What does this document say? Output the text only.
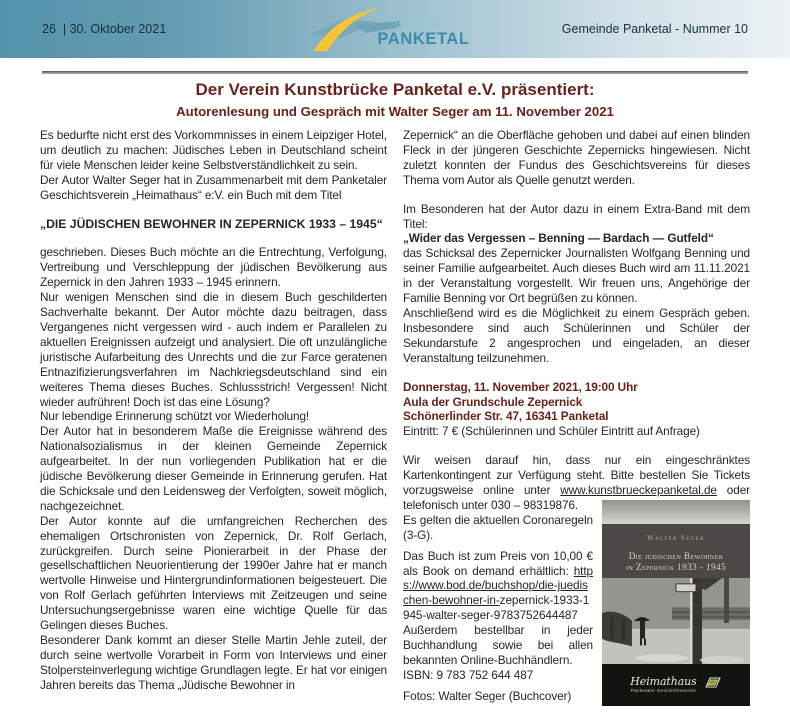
26  | 30. Oktober 2021	Gemeinde
PANKETAL
Gemeinde Panketal - Nummer 10
Der Verein Kunstbrücke Panketal e.V. präsentiert:
Autorenlesung und Gespräch mit Walter Seger am 11. November 2021

Es bedurfte nicht erst des Vorkommnisses in einem Leipziger Hotel, um deutlich zu machen: Jüdisches Leben in Deutschland scheint für viele Menschen leider keine Selbstverständlichkeit zu sein.

Der Autor Walter Seger hat in Zusammenarbeit mit dem Panketaler Geschichtsverein „Heimathaus“ e:V. ein Buch mit dem Titel

„DIE JÜDISCHEN BEWOHNER IN ZEPERNICK 1933 – 1945“

geschrieben. Dieses Buch möchte an die Entrechtung, Verfolgung, Vertreibung und Verschleppung der jüdischen Bevölkerung aus Zepernick in den Jahren 1933 – 1945 erinnern.

Nur wenigen Menschen sind die in diesem Buch geschilderten Sachverhalte bekannt. Der Autor möchte dazu beitragen, dass Vergangenes nicht vergessen wird - auch indem er Parallelen zu aktuellen Ereignissen aufzeigt und analysiert. Die oft unzulängliche juristische Aufarbeitung des Unrechts und die zur Farce geratenen Entnazifizierungsverfahren im Nachkriegsdeutschland sind ein weiteres Thema dieses Buches. Schlussstrich! Vergessen! Nicht wieder aufrühren! Doch ist das eine Lösung?

Nur lebendige Erinnerung schützt vor Wiederholung!

Der Autor hat in besonderem Maße die Ereignisse während des Nationalsozialismus in der kleinen Gemeinde Zepernick aufgearbeitet. In der nun vorliegenden Publikation hat er die jüdische Bevölkerung dieser Gemeinde in Erinnerung gerufen. Hat die Schicksale und den Leidensweg der Verfolgten, soweit möglich, nachgezeichnet.

Der Autor konnte auf die umfangreichen Recherchen des ehemaligen Ortschronisten von Zepernick, Dr. Rolf Gerlach, zurückgreifen. Durch seine Pionierarbeit in der Phase der gesellschaftlichen Neuorientierung der 1990er Jahre hat er manch wertvolle Hinweise und Hintergrundinformationen beigesteuert. Die von Rolf Gerlach geführten Interviews mit Zeitzeugen und seine Untersuchungsergebnisse waren eine wichtige Quelle für das Gelingen dieses Buches.

Besonderer Dank kommt an dieser Stelle Martin Jehle zuteil, der durch seine wertvolle Vorarbeit in Form von Interviews und einer Stolpersteinverlegung wichtige Grundlagen legte. Er hat vor einigen Jahren bereits das Thema „Jüdische Bewohner in

Zepernick“ an die Oberfläche gehoben und dabei auf einen blinden Fleck in der jüngeren Geschichte Zepernicks hingewiesen. Nicht zuletzt konnten der Fundus des Geschichtsvereins für dieses Thema vom Autor als Quelle genutzt werden.

Im Besonderen hat der Autor dazu in einem Extra-Band mit dem Titel:

„Wider das Vergessen – Benning — Bardach — Gutfeld“

das Schicksal des Zepernicker Journalisten Wolfgang Benning und seiner Familie aufgearbeitet. Auch dieses Buch wird am 11.11.2021 in der Veranstaltung vorgestellt. Wir freuen uns, Angehörige der Familie Benning vor Ort begrüßen zu können.

Anschließend wird es die Möglichkeit zu einem Gespräch geben. Insbesondere sind auch Schülerinnen und Schüler der Sekundarstufe 2 angesprochen und eingeladen, an dieser Veranstaltung teilzunehmen.

Donnerstag, 11. November 2021, 19:00 Uhr

Aula der Grundschule Zepernick

Schönerlinder Str. 47, 16341 Panketal

Eintritt: 7 € (Schülerinnen und Schüler Eintritt auf Anfrage)

Wir weisen darauf hin, dass nur ein eingeschränktes Kartenkontingent zur Verfügung steht. Bitte bestellen Sie Tickets vorzugsweise online unter www.kunstbrueckepanketal.de oder telefonisch unter 030 – 98319876.

Walter Seger
Die jüdischen Bewohner
in Zepernick 1933 - 1945
Heimathaus
Panketaler Geschichtsverein

Es gelten die aktuellen Coronaregeln (3-G).

Das Buch ist zum Preis von 10,00 € als Book on demand erhältlich: https://www.bod.de/buchshop/die-juedischen-bewohner-in-zepernick-1933-1945-walter-seger-9783752644487

Außerdem bestellbar in jeder Buchhandlung sowie bei allen bekannten Online-Buchhändlern.

ISBN: 9 783 752 644 487

Fotos: Walter Seger (Buchcover)
